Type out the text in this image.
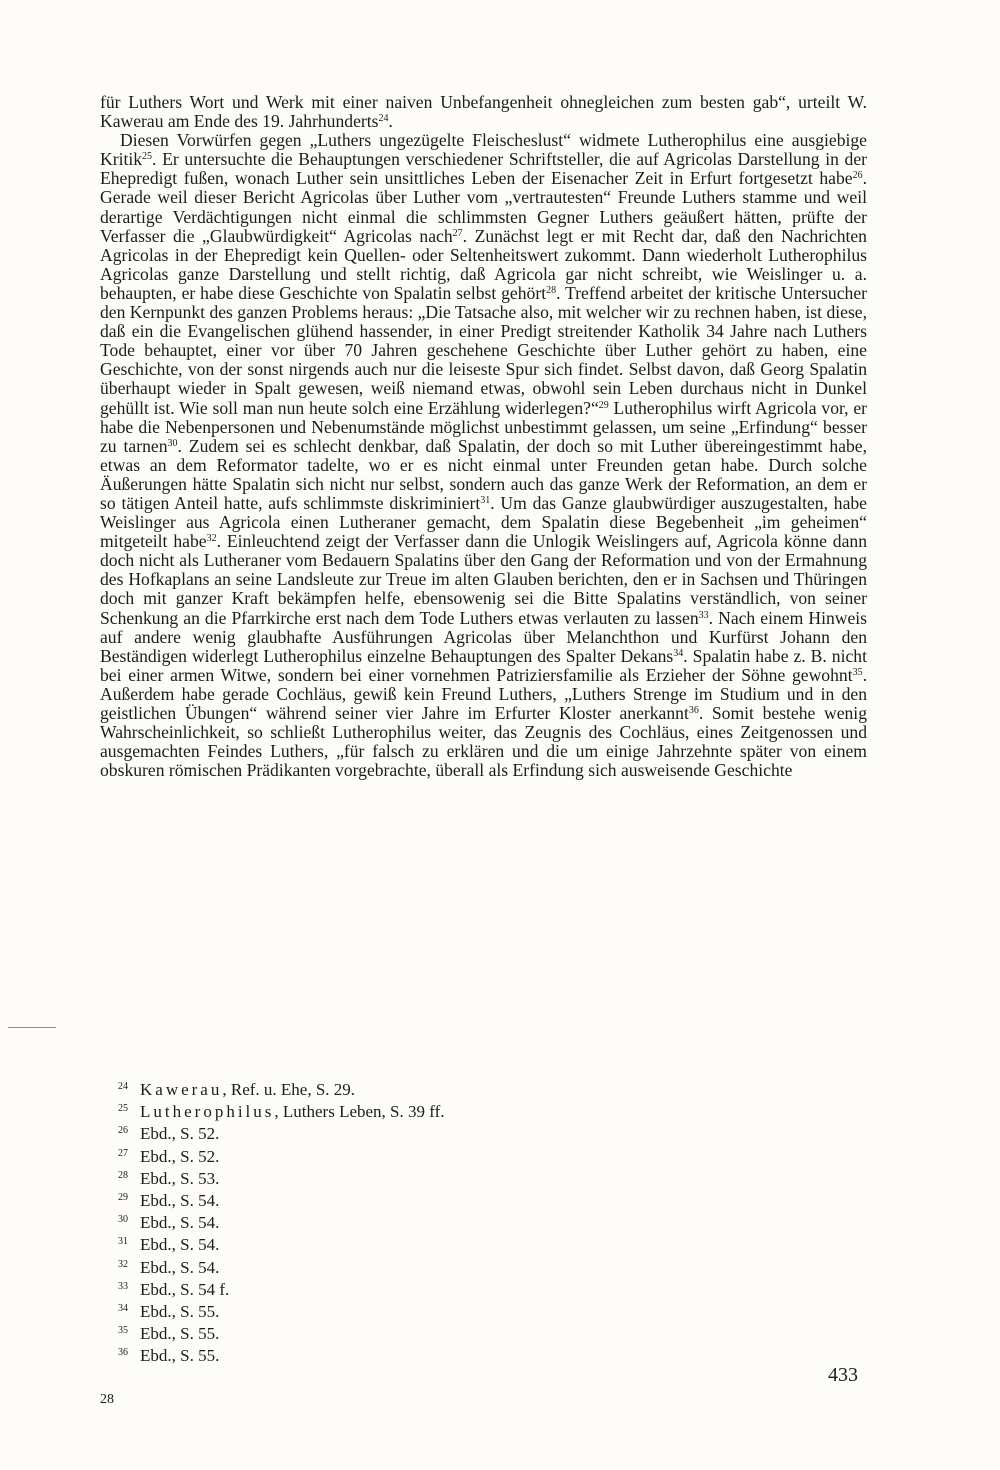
für Luthers Wort und Werk mit einer naiven Unbefangenheit ohnegleichen zum besten gab“, urteilt W. Kawerau am Ende des 19. Jahrhunderts$^{24}$.

Diesen Vorwürfen gegen „Luthers ungezügelte Fleischeslust“ widmete Lutherophilus eine ausgiebige Kritik$^{25}$. Er untersuchte die Behauptungen verschiedener Schriftsteller, die auf Agricolas Darstellung in der Ehepredigt fußen, wonach Luther sein unsittliches Leben der Eisenacher Zeit in Erfurt fortgesetzt habe$^{26}$. Gerade weil dieser Bericht Agricolas über Luther vom „vertrautesten“ Freunde Luthers stamme und weil derartige Verdächtigungen nicht einmal die schlimmsten Gegner Luthers geäußert hätten, prüfte der Verfasser die „Glaubwürdigkeit“ Agricolas nach$^{27}$. Zunächst legt er mit Recht dar, daß den Nachrichten Agricolas in der Ehepredigt kein Quellen- oder Seltenheitswert zukommt. Dann wiederholt Lutherophilus Agricolas ganze Darstellung und stellt richtig, daß Agricola gar nicht schreibt, wie Weislinger u. a. behaupten, er habe diese Geschichte von Spalatin selbst gehört$^{28}$. Treffend arbeitet der kritische Untersucher den Kernpunkt des ganzen Problems heraus: „Die Tatsache also, mit welcher wir zu rechnen haben, ist diese, daß ein die Evangelischen glühend hassender, in einer Predigt streitender Katholik 34 Jahre nach Luthers Tode behauptet, einer vor über 70 Jahren geschehene Geschichte über Luther gehört zu haben, eine Geschichte, von der sonst nirgends auch nur die leiseste Spur sich findet. Selbst davon, daß Georg Spalatin überhaupt wieder in Spalt gewesen, weiß niemand etwas, obwohl sein Leben durchaus nicht in Dunkel gehüllt ist. Wie soll man nun heute solch eine Erzählung widerlegen?“$^{29}$ Lutherophilus wirft Agricola vor, er habe die Nebenpersonen und Nebenumstände möglichst unbestimmt gelassen, um seine „Erfindung“ besser zu tarnen$^{30}$. Zudem sei es schlecht denkbar, daß Spalatin, der doch so mit Luther übereingestimmt habe, etwas an dem Reformator tadelte, wo er es nicht einmal unter Freunden getan habe. Durch solche Äußerungen hätte Spalatin sich nicht nur selbst, sondern auch das ganze Werk der Reformation, an dem er so tätigen Anteil hatte, aufs schlimmste diskriminiert$^{31}$. Um das Ganze glaubwürdiger auszugestalten, habe Weislinger aus Agricola einen Lutheraner gemacht, dem Spalatin diese Begebenheit „im geheimen“ mitgeteilt habe$^{32}$. Einleuchtend zeigt der Verfasser dann die Unlogik Weislingers auf, Agricola könne dann doch nicht als Lutheraner vom Bedauern Spalatins über den Gang der Reformation und von der Ermahnung des Hofkaplans an seine Landsleute zur Treue im alten Glauben berichten, den er in Sachsen und Thüringen doch mit ganzer Kraft bekämpfen helfe, ebensowenig sei die Bitte Spalatins verständlich, von seiner Schenkung an die Pfarrkirche erst nach dem Tode Luthers etwas verlauten zu lassen$^{33}$. Nach einem Hinweis auf andere wenig glaubhafte Ausführungen Agricolas über Melanchthon und Kurfürst Johann den Beständigen widerlegt Lutherophilus einzelne Behauptungen des Spalter Dekans$^{34}$. Spalatin habe z. B. nicht bei einer armen Witwe, sondern bei einer vornehmen Patriziersfamilie als Erzieher der Söhne gewohnt$^{35}$. Außerdem habe gerade Cochläus, gewiß kein Freund Luthers, „Luthers Strenge im Studium und in den geistlichen Übungen“ während seiner vier Jahre im Erfurter Kloster anerkannt$^{36}$. Somit bestehe wenig Wahrscheinlichkeit, so schließt Lutherophilus weiter, das Zeugnis des Cochläus, eines Zeitgenossen und ausgemachten Feindes Luthers, „für falsch zu erklären und die um einige Jahrzehnte später von einem obskuren römischen Prädikanten vorgebrachte, überall als Erfindung sich ausweisende Geschichte

24 Kawerau, Ref. u. Ehe, S. 29.
25 Lutherophilus, Luthers Leben, S. 39 ff.
26 Ebd., S. 52.
27 Ebd., S. 52.
28 Ebd., S. 53.
29 Ebd., S. 54.
30 Ebd., S. 54.
31 Ebd., S. 54.
32 Ebd., S. 54.
33 Ebd., S. 54 f.
34 Ebd., S. 55.
35 Ebd., S. 55.
36 Ebd., S. 55.
433
28
